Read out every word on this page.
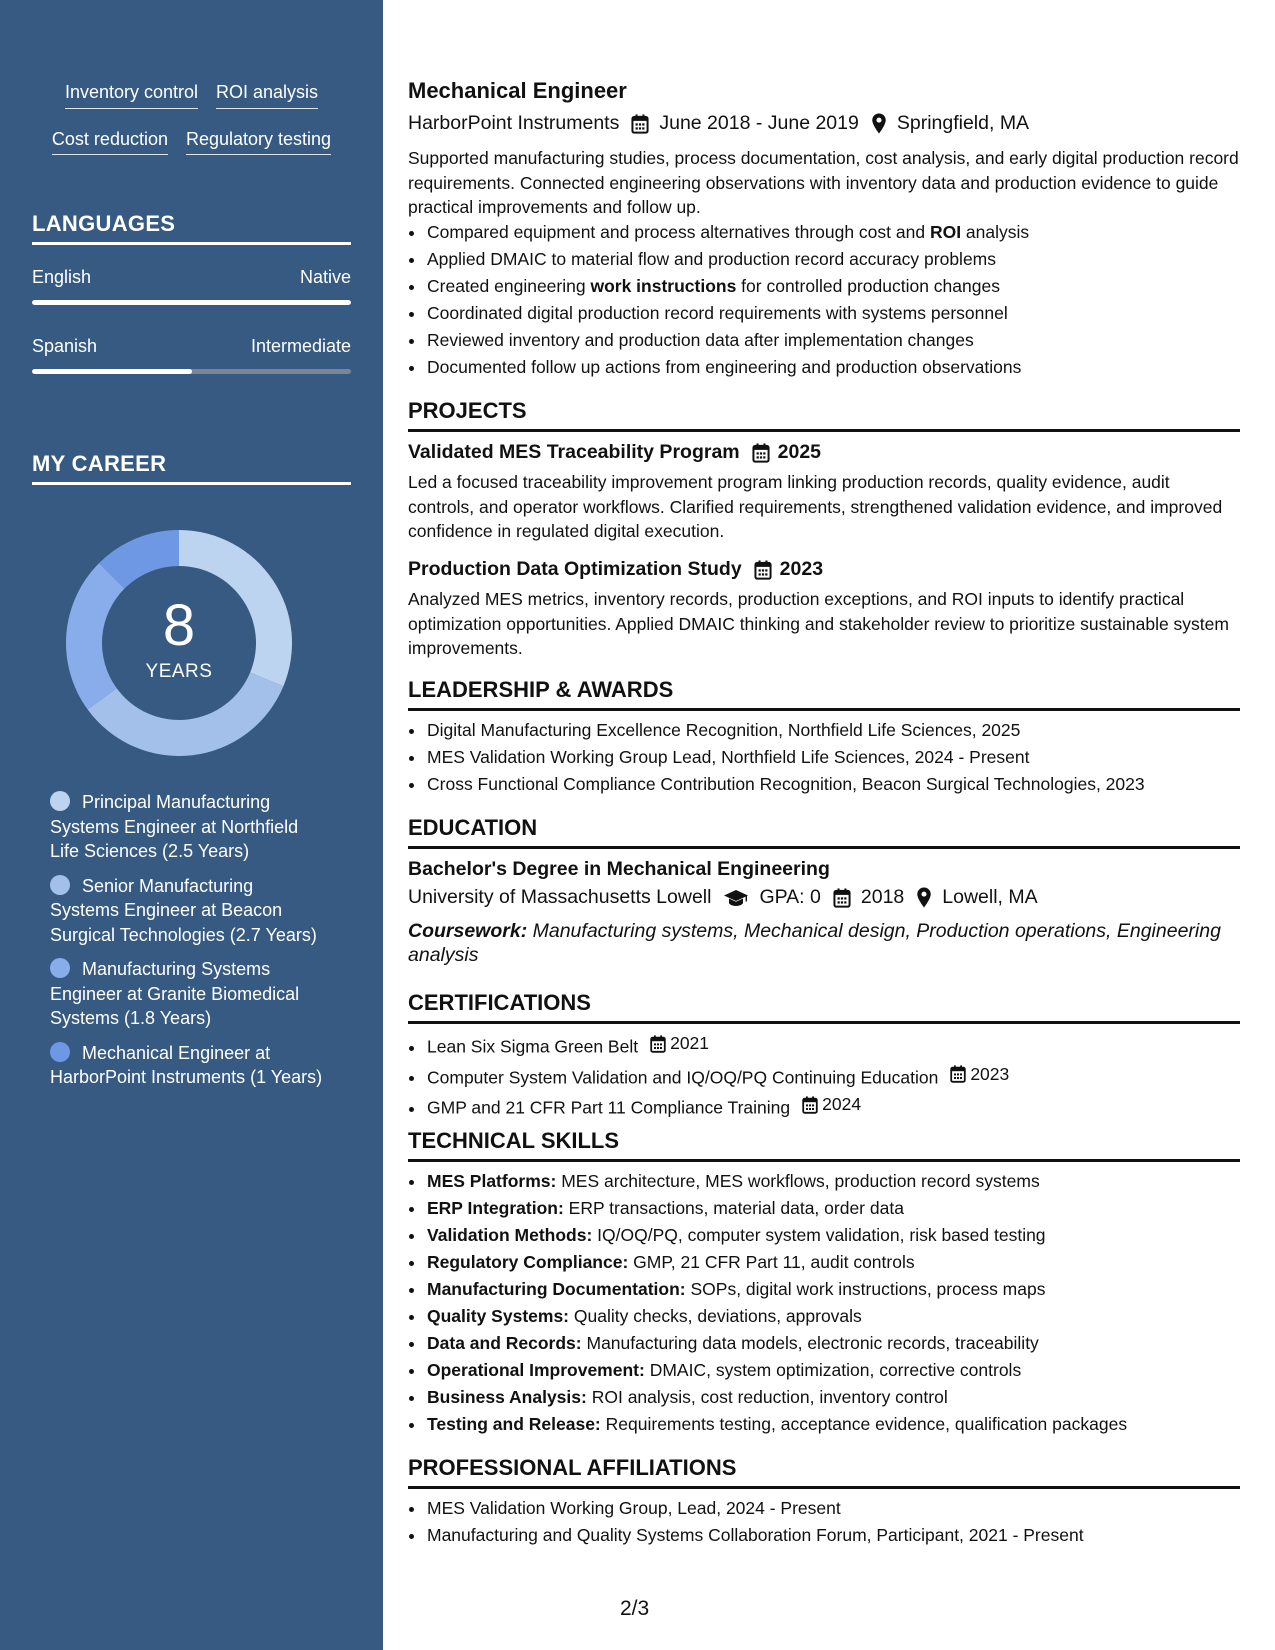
Inventory control ROI analysis
Cost reduction Regulatory testing
LANGUAGES
English	Native
Spanish	Intermediate
MY CAREER
8
YEARS
Principal Manufacturing Systems Engineer at Northfield Life Sciences (2.5 Years)
Senior Manufacturing Systems Engineer at Beacon Surgical Technologies (2.7 Years)
Manufacturing Systems Engineer at Granite Biomedical Systems (1.8 Years)
Mechanical Engineer at HarborPoint Instruments (1 Years)
Mechanical Engineer
HarborPoint Instruments June 2018 - June 2019 Springfield, MA

Supported manufacturing studies, process documentation, cost analysis, and early digital production record requirements. Connected engineering observations with inventory data and production evidence to guide practical improvements and follow up.

• Compared equipment and process alternatives through cost and ROI analysis
• Applied DMAIC to material flow and production record accuracy problems
• Created engineering work instructions for controlled production changes
• Coordinated digital production record requirements with systems personnel
• Reviewed inventory and production data after implementation changes
• Documented follow up actions from engineering and production observations
PROJECTS
Validated MES Traceability Program 2025

Led a focused traceability improvement program linking production records, quality evidence, audit controls, and operator workflows. Clarified requirements, strengthened validation evidence, and improved confidence in regulated digital execution.

Production Data Optimization Study 2023

Analyzed MES metrics, inventory records, production exceptions, and ROI inputs to identify practical optimization opportunities. Applied DMAIC thinking and stakeholder review to prioritize sustainable system improvements.

LEADERSHIP & AWARDS
• Digital Manufacturing Excellence Recognition, Northfield Life Sciences, 2025
• MES Validation Working Group Lead, Northfield Life Sciences, 2024 - Present
• Cross Functional Compliance Contribution Recognition, Beacon Surgical Technologies, 2023
EDUCATION
Bachelor's Degree in Mechanical Engineering
University of Massachusetts Lowell GPA: 0 2018 Lowell, MA
Coursework: Manufacturing systems, Mechanical design, Production operations, Engineering analysis
CERTIFICATIONS
• Lean Six Sigma Green Belt 2021
• Computer System Validation and IQ/OQ/PQ Continuing Education 2023
• GMP and 21 CFR Part 11 Compliance Training 2024
TECHNICAL SKILLS
• MES Platforms: MES architecture, MES workflows, production record systems
• ERP Integration: ERP transactions, material data, order data
• Validation Methods: IQ/OQ/PQ, computer system validation, risk based testing
• Regulatory Compliance: GMP, 21 CFR Part 11, audit controls
• Manufacturing Documentation: SOPs, digital work instructions, process maps
• Quality Systems: Quality checks, deviations, approvals
• Data and Records: Manufacturing data models, electronic records, traceability
• Operational Improvement: DMAIC, system optimization, corrective controls
• Business Analysis: ROI analysis, cost reduction, inventory control
• Testing and Release: Requirements testing, acceptance evidence, qualification packages
PROFESSIONAL AFFILIATIONS
• MES Validation Working Group, Lead, 2024 - Present
• Manufacturing and Quality Systems Collaboration Forum, Participant, 2021 - Present
2/3
